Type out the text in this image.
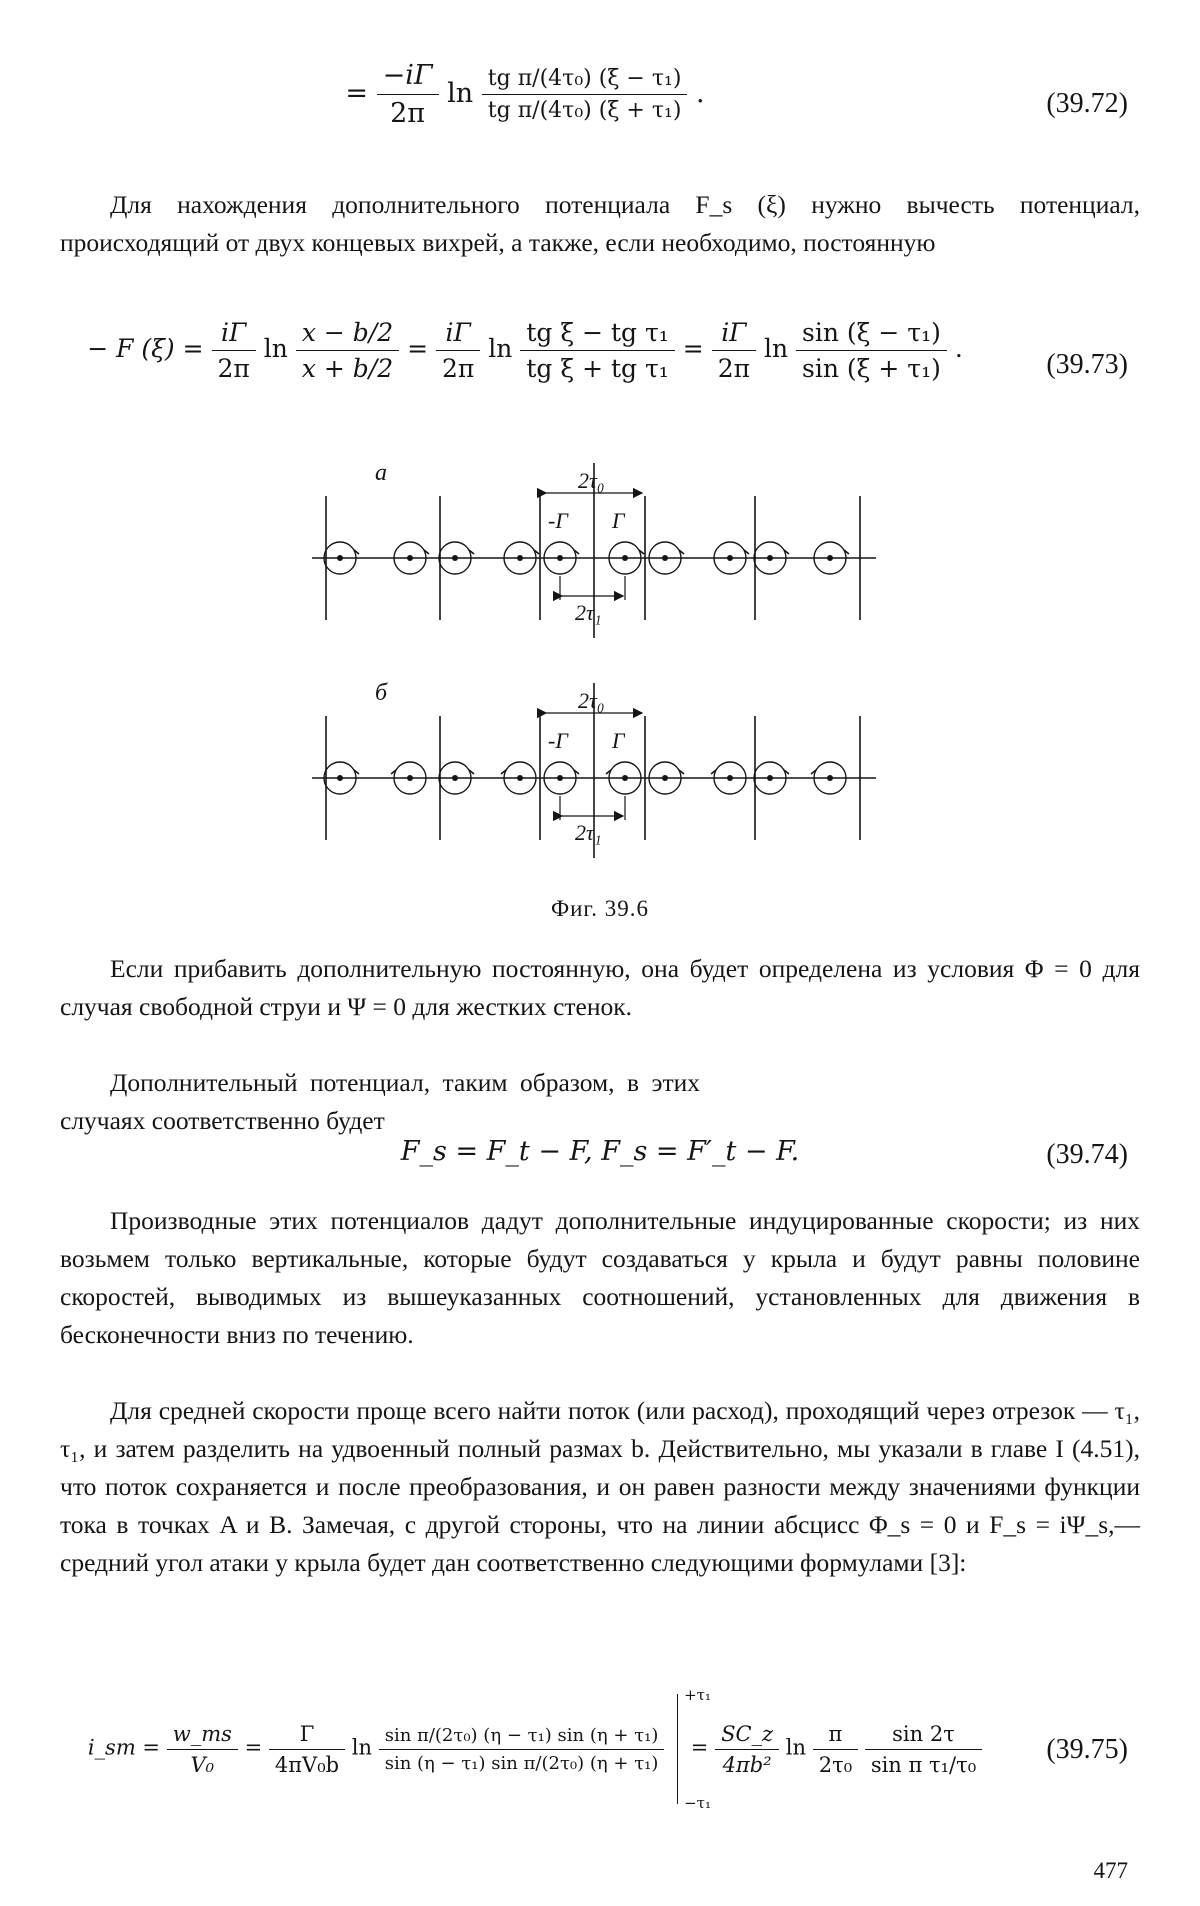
= $\frac{-i\Gamma}{2\pi}$ $\ln \frac{\text{tg π/(4τ₀) (ξ − τ₁)}}{\text{tg π/(4τ₀) (ξ + τ₁)}}$ .	(39.72)

Для нахождения дополнительного потенциала F_s (ξ) нужно вычесть потенциал, происходящий от двух концевых вихрей, а также, если необходимо, постоянную

− F $(\xi) = \frac{i\Gamma}{2\pi}$ $\ln \frac{x - b/2}{x + b/2} = \frac{i\Gamma}{2\pi}$ $\ln \frac{\text{tg ξ − tg τ₁}}{\text{tg ξ + tg τ₁}} = \frac{i\Gamma}{2\pi}$ $\ln \frac{\text{sin (ξ − τ₁)}}{\text{sin (ξ + τ₁)}}$ .
(39.73)
а	2τ₀
-Г Г
2τ₁
б	2τ₀
-Г Г
2τ₁
Фиг. 39.6

Если прибавить дополнительную постоянную, она будет определена из условия Φ = 0 для случая свободной струи и Ψ = 0 для жестких стенок.

Дополнительный потенциал, таким образом, в этих случаях соответственно будет

F_s = F_t − F, F_s = F′_t − F.	(39.74)

Производные этих потенциалов дадут дополнительные индуцированные скорости; из них возьмем только вертикальные, которые будут создаваться у крыла и будут равны половине скоростей, выводимых из вышеуказанных соотношений, установленных для движения в бесконечности вниз по течению.

Для средней скорости проще всего найти поток (или расход), проходящий через отрезок — τ₁, τ₁, и затем разделить на удвоенный полный размах b. Действительно, мы указали в главе I (4.51), что поток сохраняется и после преобразования, и он равен разности между значениями функции тока в точках A и B. Замечая, с другой стороны, что на линии абсцисс Φ_s = 0 и F_s = iΨ_s,— средний угол атаки у крыла будет дан соответственно следующими формулами [3]:

i_sm = $\frac{w\_ms}{\text{V₀}} = \frac{\Gamma}{\text{4πV₀b}}$ $\ln \frac{\text{sin π/(2τ₀) (η − τ₁) sin (η + τ₁)}}{\text{sin (η − τ₁) sin π/(2τ₀) (η + τ₁)}}$

+τ₁
−τ₁
= $\frac{SC\_z}{\text{4πb²}}$ $\ln \frac{\pi}{\text{2τ₀}}$
$\frac{\sin 2\tau}{\text{sin π τ₁/τ₀}} (39.75)$
477
